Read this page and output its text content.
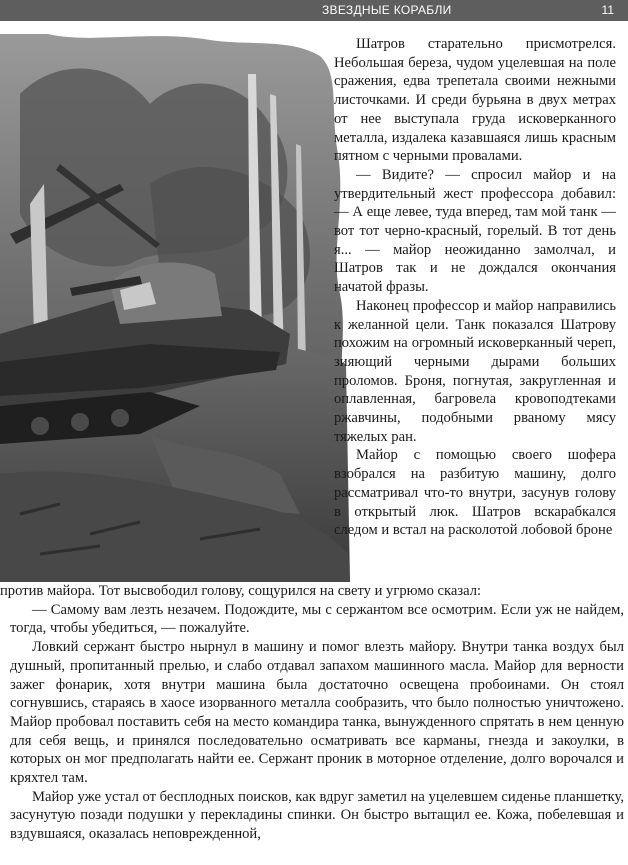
ЗВЕЗДНЫЕ КОРАБЛИ	11

Шатров старательно присмотрелся. Небольшая береза, чудом уцелевшая на поле сражения, едва трепетала своими нежными листочками. И среди бурьяна в двух метрах от нее выступала груда исковерканного металла, издалека казавшаяся лишь красным пятном с черными провалами.

— Видите? — спросил майор и на утвердительный жест профессора добавил: — А еще левее, туда вперед, там мой танк — вот тот черно-красный, горелый. В тот день я... — майор неожиданно замолчал, и Шатров так и не дождался окончания начатой фразы.

Наконец профессор и майор направились к желанной цели. Танк показался Шатрову похожим на огромный исковерканный череп, зияющий черными дырами больших проломов. Броня, погнутая, закругленная и оплавленная, багровела кровоподтеками ржавчины, подобными рваному мясу тяжелых ран.

Майор с помощью своего шофера взобрался на разбитую машину, долго рассматривал что-то внутри, засунув голову в открытый люк. Шатров вскарабкался следом и встал на расколотой лобовой броне

против майора. Тот высвободил голову, сощурился на свету и угрюмо сказал:

— Самому вам лезть незачем. Подождите, мы с сержантом все осмотрим. Если уж не найдем, тогда, чтобы убедиться, — пожалуйте.

Ловкий сержант быстро нырнул в машину и помог влезть майору. Внутри танка воздух был душный, пропитанный прелью, и слабо отдавал запахом машинного масла. Майор для верности зажег фонарик, хотя внутри машина была достаточно освещена пробоинами. Он стоял согнувшись, стараясь в хаосе изорванного металла сообразить, что было полностью уничтожено. Майор пробовал поставить себя на место командира танка, вынужденного спрятать в нем ценную для себя вещь, и принялся последовательно осматривать все карманы, гнезда и закоулки, в которых он мог предполагать найти ее. Сержант проник в моторное отделение, долго ворочался и кряхтел там.

Майор уже устал от бесплодных поисков, как вдруг заметил на уцелевшем сиденье планшетку, засунутую позади подушки у перекладины спинки. Он быстро вытащил ее. Кожа, побелевшая и вздувшаяся, оказалась неповрежденной,
